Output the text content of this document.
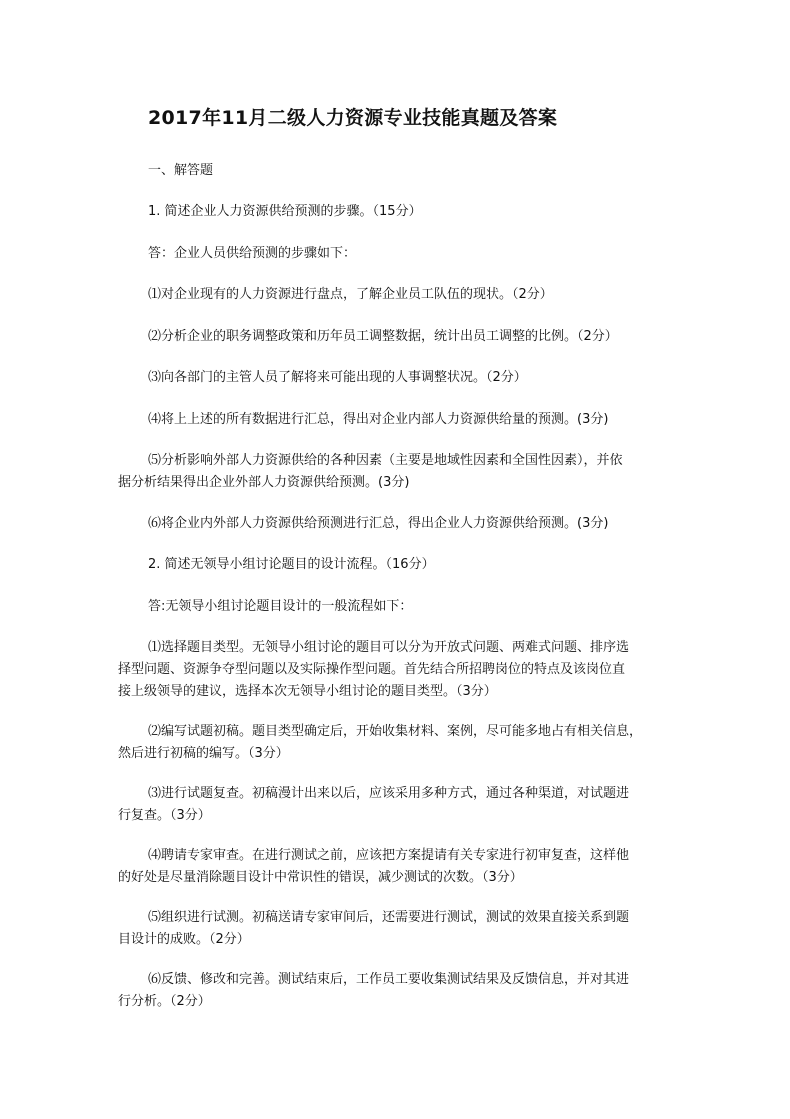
2017年11月二级人力资源专业技能真题及答案
一、解答题
1. 简述企业人力资源供给预测的步骤。（15分）
答：企业人员供给预测的步骤如下：
⑴对企业现有的人力资源进行盘点，了解企业员工队伍的现状。（2分）
⑵分析企业的职务调整政策和历年员工调整数据，统计出员工调整的比例。（2分）
⑶向各部门的主管人员了解将来可能出现的人事调整状况。（2分）
⑷将上上述的所有数据进行汇总，得出对企业内部人力资源供给量的预测。(3分)
⑸分析影响外部人力资源供给的各种因素（主要是地域性因素和全国性因素），并依
据分析结果得出企业外部人力资源供给预测。(3分)
⑹将企业内外部人力资源供给预测进行汇总，得出企业人力资源供给预测。(3分)
2. 简述无领导小组讨论题目的设计流程。（16分）
答:无领导小组讨论题目设计的一般流程如下：
⑴选择题目类型。无领导小组讨论的题目可以分为开放式问题、两难式问题、排序选
择型问题、资源争夺型问题以及实际操作型问题。首先结合所招聘岗位的特点及该岗位直
接上级领导的建议，选择本次无领导小组讨论的题目类型。（3分）
⑵编写试题初稿。题目类型确定后，开始收集材料、案例，尽可能多地占有相关信息，
然后进行初稿的编写。（3分）
⑶进行试题复查。初稿漫计出来以后，应该采用多种方式，通过各种渠道，对试题进
行复查。（3分）
⑷聘请专家审查。在进行测试之前，应该把方案提请有关专家进行初审复查，这样他
的好处是尽量消除题目设计中常识性的错误，减少测试的次数。（3分）
⑸组织进行试测。初稿送请专家审间后，还需要进行测试，测试的效果直接关系到题
目设计的成败。（2分）
⑹反馈、修改和完善。测试结束后，工作员工要收集测试结果及反馈信息，并对其进
行分析。（2分）
